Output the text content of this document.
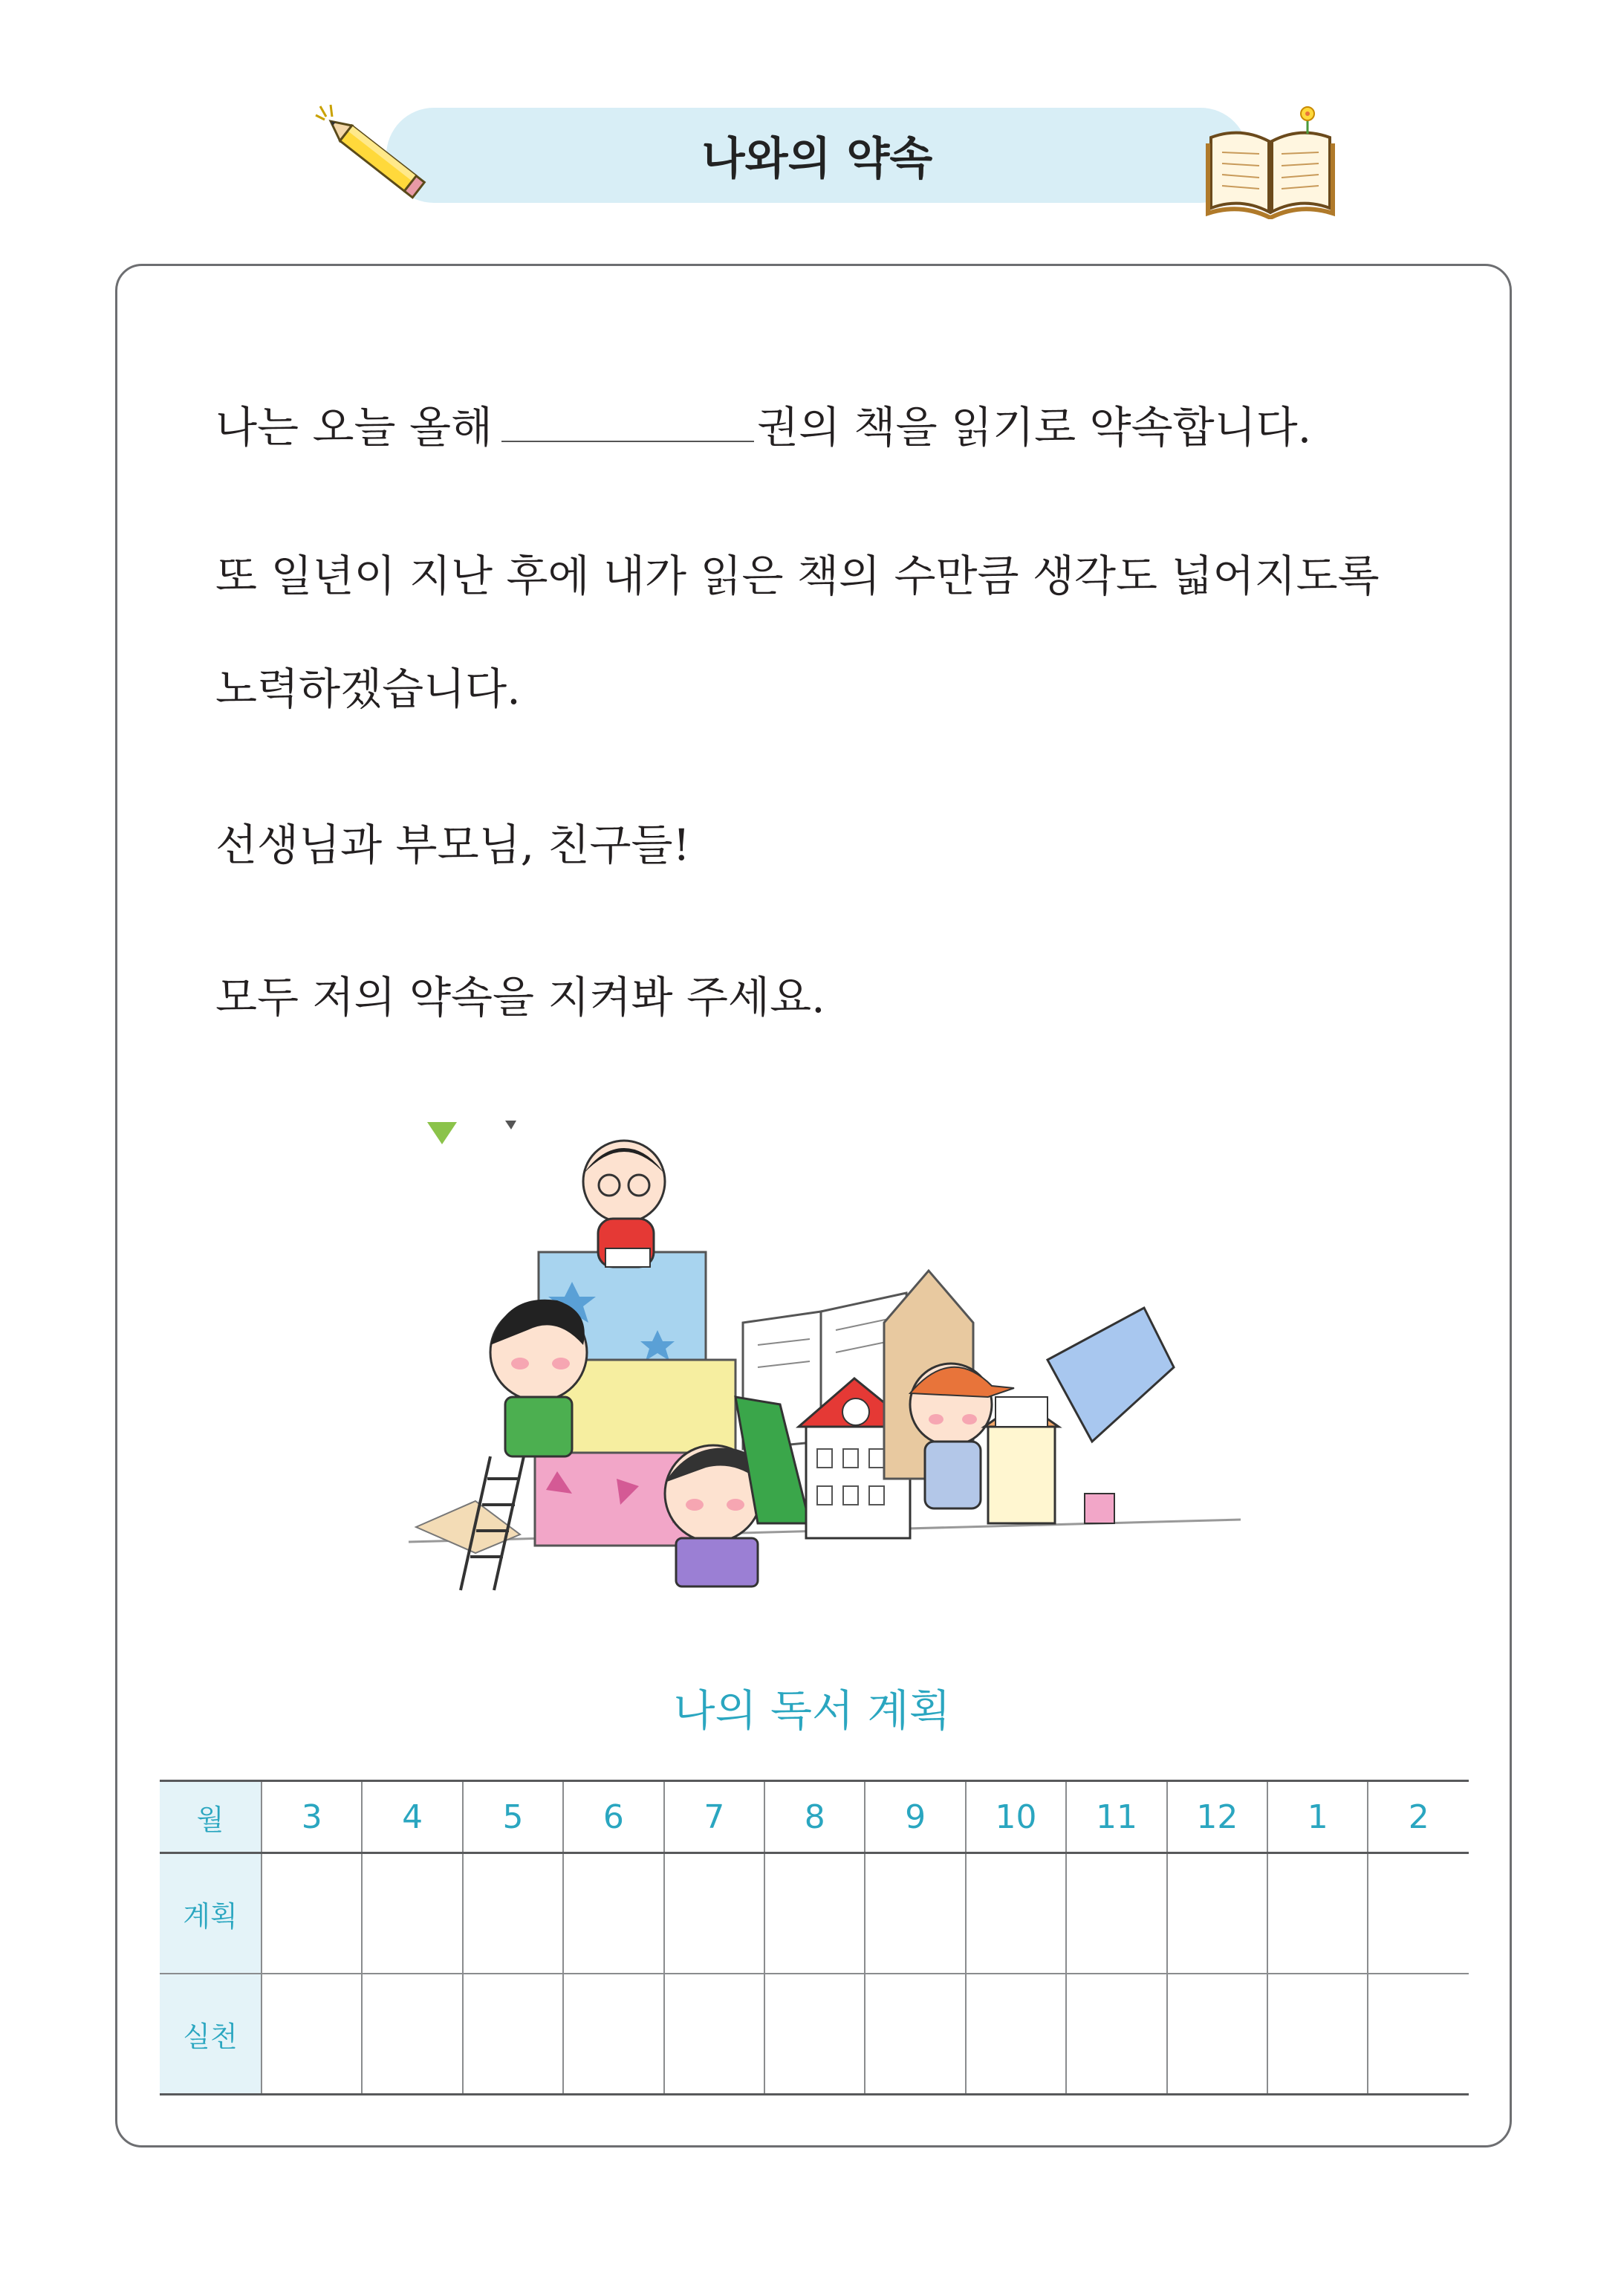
나와의 약속
나는 오늘 올해	권의 책을 읽기로 약속합니다.
또 일년이 지난 후에 내가 읽은 책의 수만큼 생각도 넓어지도록
노력하겠습니다.
선생님과 부모님, 친구들!
모두 저의 약속을 지켜봐 주세요.
나의 독서 계획
월	3	4	5	6	7	8	9	10	11	12	1	2
계획												
실천												
